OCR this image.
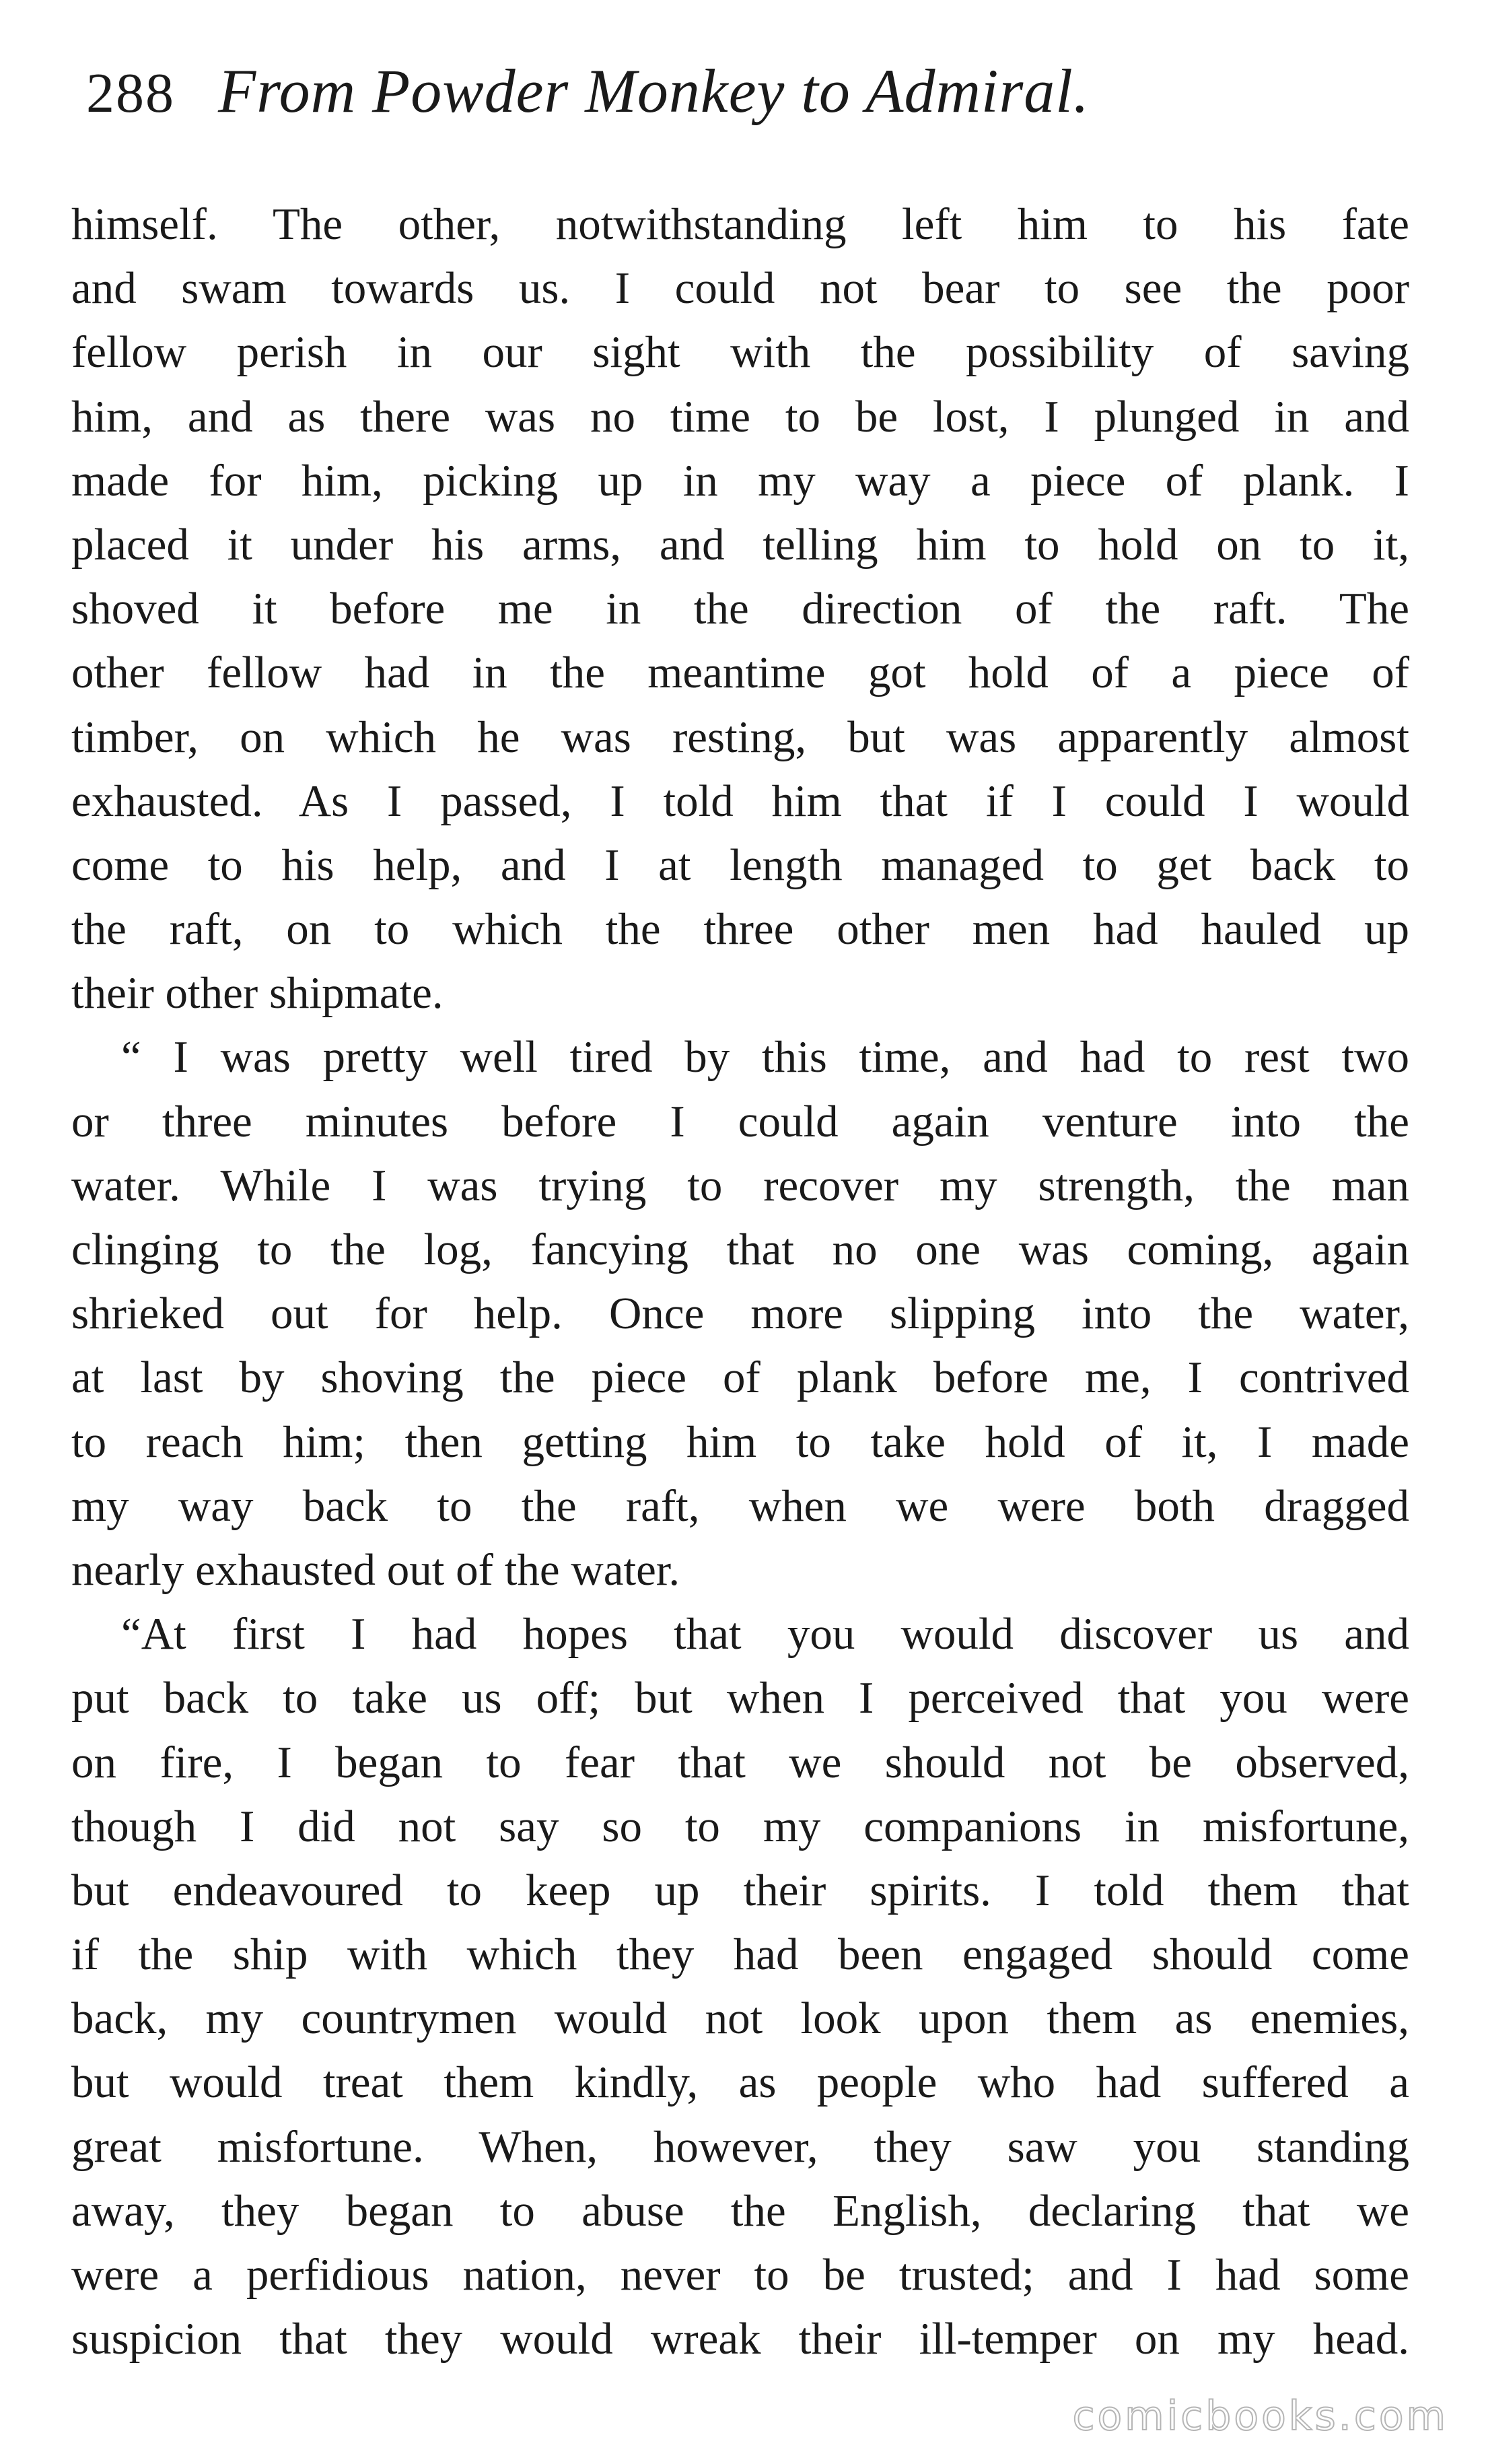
288 From Powder Monkey to Admiral.
himself. The other, notwithstanding left him to his fate
and swam towards us. I could not bear to see the poor
fellow perish in our sight with the possibility of saving
him, and as there was no time to be lost, I plunged in and
made for him, picking up in my way a piece of plank. I
placed it under his arms, and telling him to hold on to it,
shoved it before me in the direction of the raft. The
other fellow had in the meantime got hold of a piece of
timber, on which he was resting, but was apparently almost
exhausted. As I passed, I told him that if I could I would
come to his help, and I at length managed to get back to
the raft, on to which the three other men had hauled up
their other shipmate.
“ I was pretty well tired by this time, and had to rest two
or three minutes before I could again venture into the
water. While I was trying to recover my strength, the man
clinging to the log, fancying that no one was coming, again
shrieked out for help. Once more slipping into the water,
at last by shoving the piece of plank before me, I contrived
to reach him; then getting him to take hold of it, I made
my way back to the raft, when we were both dragged
nearly exhausted out of the water.
“At first I had hopes that you would discover us and
put back to take us off; but when I perceived that you were
on fire, I began to fear that we should not be observed,
though I did not say so to my companions in misfortune,
but endeavoured to keep up their spirits. I told them that
if the ship with which they had been engaged should come
back, my countrymen would not look upon them as enemies,
but would treat them kindly, as people who had suffered a
great misfortune. When, however, they saw you standing
away, they began to abuse the English, declaring that we
were a perfidious nation, never to be trusted; and I had some
suspicion that they would wreak their ill-temper on my head.
comicbooks.com
